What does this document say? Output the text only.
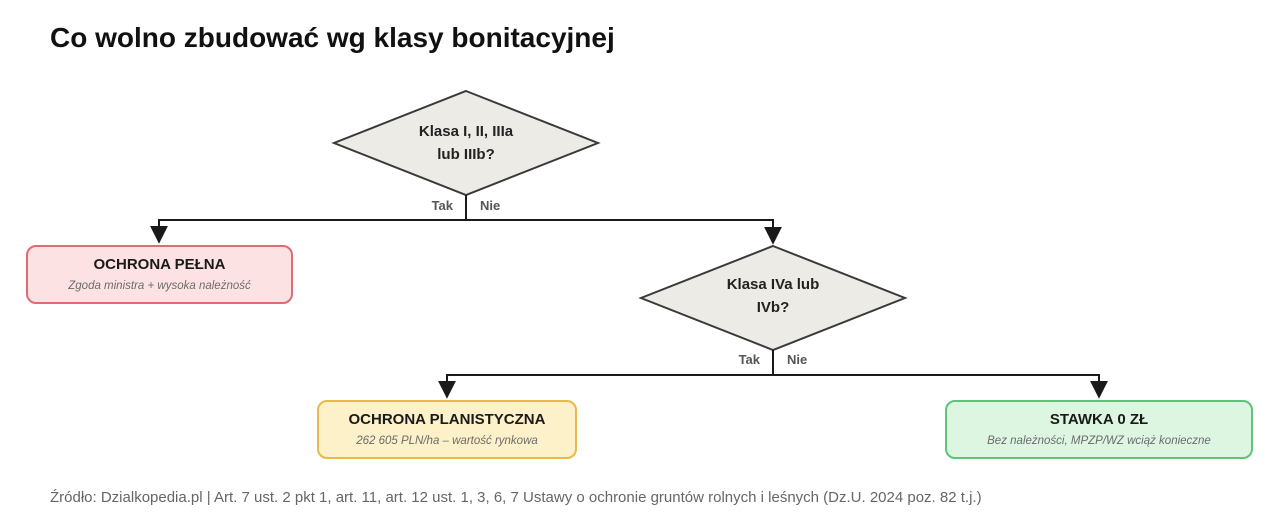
Co wolno zbudować wg klasy bonitacyjnej
Klasa I, II, IIIa
lub IIIb?
Tak Nie
Klasa IVa lub
IVb?
Tak Nie
OCHRONA PEŁNA
Zgoda ministra + wysoka należność
OCHRONA PLANISTYCZNA
262 605 PLN/ha – wartość rynkowa
STAWKA 0 ZŁ
Bez należności, MPZP/WZ wciąż konieczne
Źródło: Dzialkopedia.pl | Art. 7 ust. 2 pkt 1, art. 11, art. 12 ust. 1, 3, 6, 7 Ustawy o ochronie gruntów rolnych i leśnych (Dz.U. 2024 poz. 82 t.j.)
